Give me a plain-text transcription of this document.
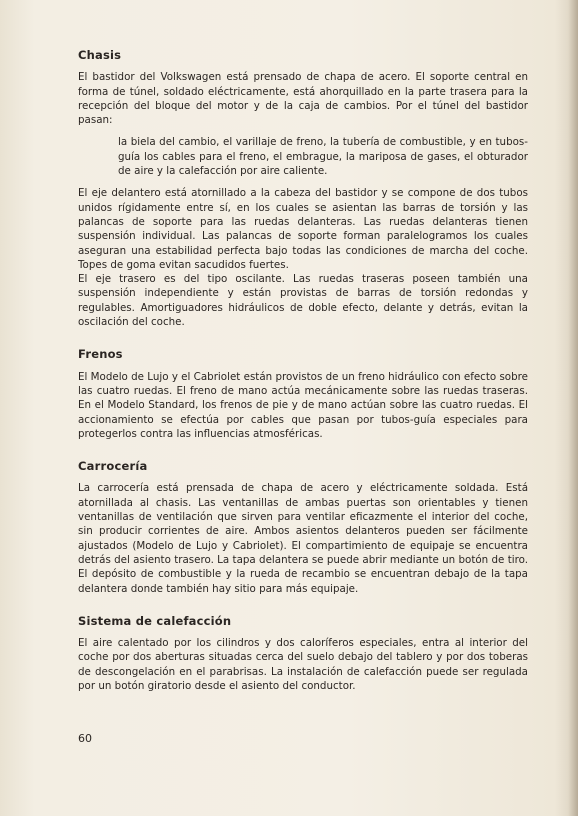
Chasis

El bastidor del Volkswagen está prensado de chapa de acero. El soporte central en forma de túnel, soldado eléctricamente, está ahorquillado en la parte trasera para la recepción del bloque del motor y de la caja de cambios. Por el túnel del bastidor pasan:

la biela del cambio, el varillaje de freno, la tubería de combustible, y en tubos-guía los cables para el freno, el embrague, la mariposa de gases, el obturador de aire y la calefacción por aire caliente.

El eje delantero está atornillado a la cabeza del bastidor y se compone de dos tubos unidos rígidamente entre sí, en los cuales se asientan las barras de torsión y las palancas de soporte para las ruedas delanteras. Las ruedas delanteras tienen suspensión individual. Las palancas de soporte forman paralelogramos los cuales aseguran una estabilidad perfecta bajo todas las condiciones de marcha del coche. Topes de goma evitan sacudidos fuertes.

El eje trasero es del tipo oscilante. Las ruedas traseras poseen también una suspensión independiente y están provistas de barras de torsión redondas y regulables. Amortiguadores hidráulicos de doble efecto, delante y detrás, evitan la oscilación del coche.

Frenos

El Modelo de Lujo y el Cabriolet están provistos de un freno hidráulico con efecto sobre las cuatro ruedas. El freno de mano actúa mecánicamente sobre las ruedas traseras. En el Modelo Standard, los frenos de pie y de mano actúan sobre las cuatro ruedas. El accionamiento se efectúa por cables que pasan por tubos-guía especiales para protegerlos contra las influencias atmosféricas.

Carrocería

La carrocería está prensada de chapa de acero y eléctricamente soldada. Está atornillada al chasis. Las ventanillas de ambas puertas son orientables y tienen ventanillas de ventilación que sirven para ventilar eficazmente el interior del coche, sin producir corrientes de aire. Ambos asientos delanteros pueden ser fácilmente ajustados (Modelo de Lujo y Cabriolet). El compartimiento de equipaje se encuentra detrás del asiento trasero. La tapa delantera se puede abrir mediante un botón de tiro. El depósito de combustible y la rueda de recambio se encuentran debajo de la tapa delantera donde también hay sitio para más equipaje.

Sistema de calefacción

El aire calentado por los cilindros y dos caloríferos especiales, entra al interior del coche por dos aberturas situadas cerca del suelo debajo del tablero y por dos toberas de descongelación en el parabrisas. La instalación de calefacción puede ser regulada por un botón giratorio desde el asiento del conductor.

60
